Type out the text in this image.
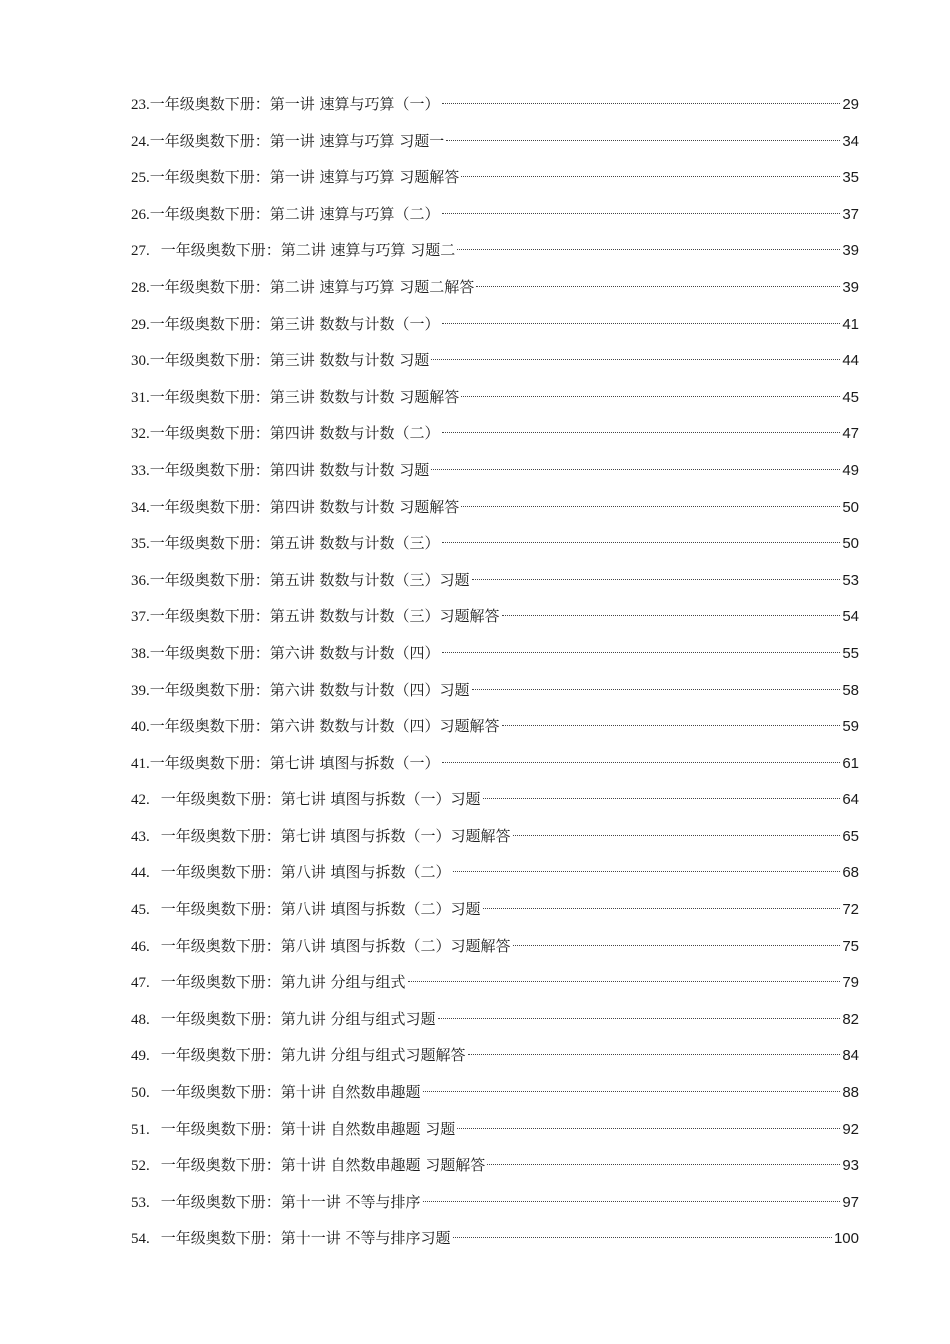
23. 一年级奥数下册：第一讲 速算与巧算（一）	29
24. 一年级奥数下册：第一讲 速算与巧算 习题一	34
25. 一年级奥数下册：第一讲 速算与巧算 习题解答	35
26. 一年级奥数下册：第二讲 速算与巧算（二）	37
27. 一年级奥数下册：第二讲 速算与巧算 习题二	39
28. 一年级奥数下册：第二讲 速算与巧算 习题二解答	39
29. 一年级奥数下册：第三讲 数数与计数（一）	41
30. 一年级奥数下册：第三讲 数数与计数 习题	44
31. 一年级奥数下册：第三讲 数数与计数 习题解答	45
32. 一年级奥数下册：第四讲 数数与计数（二）	47
33. 一年级奥数下册：第四讲 数数与计数 习题	49
34. 一年级奥数下册：第四讲 数数与计数 习题解答	50
35. 一年级奥数下册：第五讲 数数与计数（三）	50
36. 一年级奥数下册：第五讲 数数与计数（三）习题	53
37. 一年级奥数下册：第五讲 数数与计数（三）习题解答	54
38. 一年级奥数下册：第六讲 数数与计数（四）	55
39. 一年级奥数下册：第六讲 数数与计数（四）习题	58
40. 一年级奥数下册：第六讲 数数与计数（四）习题解答	59
41. 一年级奥数下册：第七讲 填图与拆数（一）	61
42. 一年级奥数下册：第七讲 填图与拆数（一）习题	64
43. 一年级奥数下册：第七讲 填图与拆数（一）习题解答	65
44. 一年级奥数下册：第八讲 填图与拆数（二）	68
45. 一年级奥数下册：第八讲 填图与拆数（二）习题	72
46. 一年级奥数下册：第八讲 填图与拆数（二）习题解答	75
47. 一年级奥数下册：第九讲 分组与组式	79
48. 一年级奥数下册：第九讲 分组与组式习题	82
49. 一年级奥数下册：第九讲 分组与组式习题解答	84
50. 一年级奥数下册：第十讲 自然数串趣题	88
51. 一年级奥数下册：第十讲 自然数串趣题 习题	92
52. 一年级奥数下册：第十讲 自然数串趣题 习题解答	93
53. 一年级奥数下册：第十一讲 不等与排序	97
54. 一年级奥数下册：第十一讲 不等与排序习题	100
